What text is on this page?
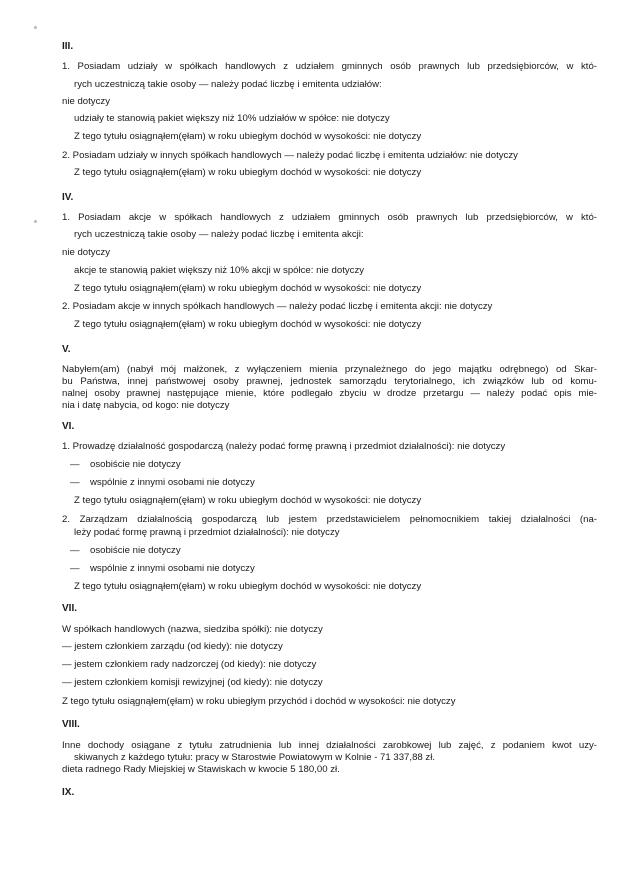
III.
1. Posiadam udziały w spółkach handlowych z udziałem gminnych osób prawnych lub przedsiębiorców, w któ-
rych uczestniczą takie osoby — należy podać liczbę i emitenta udziałów:
nie dotyczy
udziały te stanowią pakiet większy niż 10% udziałów w spółce: nie dotyczy
Z tego tytułu osiągnąłem(ęłam) w roku ubiegłym dochód w wysokości: nie dotyczy
2. Posiadam udziały w innych spółkach handlowych — należy podać liczbę i emitenta udziałów: nie dotyczy
Z tego tytułu osiągnąłem(ęłam) w roku ubiegłym dochód w wysokości: nie dotyczy
IV.
1. Posiadam akcje w spółkach handlowych z udziałem gminnych osób prawnych lub przedsiębiorców, w któ-
rych uczestniczą takie osoby — należy podać liczbę i emitenta akcji:
nie dotyczy
akcje te stanowią pakiet większy niż 10% akcji w spółce: nie dotyczy
Z tego tytułu osiągnąłem(ęłam) w roku ubiegłym dochód w wysokości: nie dotyczy
2. Posiadam akcje w innych spółkach handlowych — należy podać liczbę i emitenta akcji: nie dotyczy
Z tego tytułu osiągnąłem(ęłam) w roku ubiegłym dochód w wysokości: nie dotyczy
V.
Nabyłem(am) (nabył mój małżonek, z wyłączeniem mienia przynależnego do jego majątku odrębnego) od Skar-
bu Państwa, innej państwowej osoby prawnej, jednostek samorządu terytorialnego, ich związków lub od komu-
nalnej osoby prawnej następujące mienie, które podlegało zbyciu w drodze przetargu — należy podać opis mie-
nia i datę nabycia, od kogo: nie dotyczy
VI.
1. Prowadzę działalność gospodarczą (należy podać formę prawną i przedmiot działalności): nie dotyczy
— osobiście nie dotyczy
— wspólnie z innymi osobami nie dotyczy
Z tego tytułu osiągnąłem(ęłam) w roku ubiegłym dochód w wysokości: nie dotyczy
2. Zarządzam działalnością gospodarczą lub jestem przedstawicielem pełnomocnikiem takiej działalności (na-
leży podać formę prawną i przedmiot działalności): nie dotyczy
— osobiście nie dotyczy
— wspólnie z innymi osobami nie dotyczy
Z tego tytułu osiągnąłem(ęłam) w roku ubiegłym dochód w wysokości: nie dotyczy
VII.
W spółkach handlowych (nazwa, siedziba spółki): nie dotyczy
— jestem członkiem zarządu (od kiedy): nie dotyczy
— jestem członkiem rady nadzorczej (od kiedy): nie dotyczy
— jestem członkiem komisji rewizyjnej (od kiedy): nie dotyczy
Z tego tytułu osiągnąłem(ęłam) w roku ubiegłym przychód i dochód w wysokości: nie dotyczy
VIII.
Inne dochody osiągane z tytułu zatrudnienia lub innej działalności zarobkowej lub zajęć, z podaniem kwot uzy-
skiwanych z każdego tytułu: pracy w Starostwie Powiatowym w Kolnie - 71 337,88 zł.
dieta radnego Rady Miejskiej w Stawiskach w kwocie 5 180,00 zł.
IX.
